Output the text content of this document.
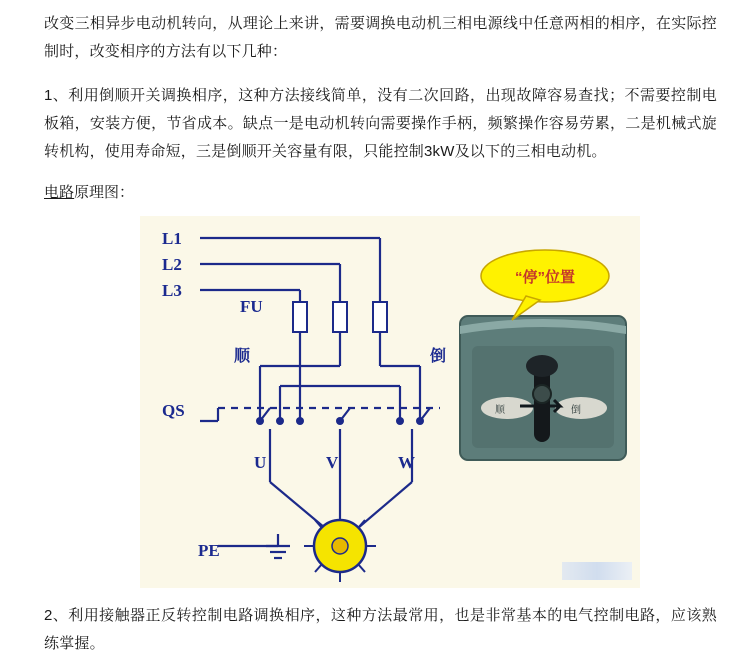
改变三相异步电动机转向，从理论上来讲，需要调换电动机三相电源线中任意两相的相序，在实际控制时，改变相序的方法有以下几种：

1、利用倒顺开关调换相序，这种方法接线简单，没有二次回路，出现故障容易查找；不需要控制电板箱，安装方便，节省成本。缺点一是电动机转向需要操作手柄，频繁操作容易劳累，二是机械式旋转机构，使用寿命短，三是倒顺开关容量有限，只能控制3kW及以下的三相电动机。

电路原理图：

L1
L2
L3
FU
QS
U	V	W
PE
顺	倒
顺	倒
“停”位置

2、利用接触器正反转控制电路调换相序，这种方法最常用，也是非常基本的电气控制电路，应该熟练掌握。
